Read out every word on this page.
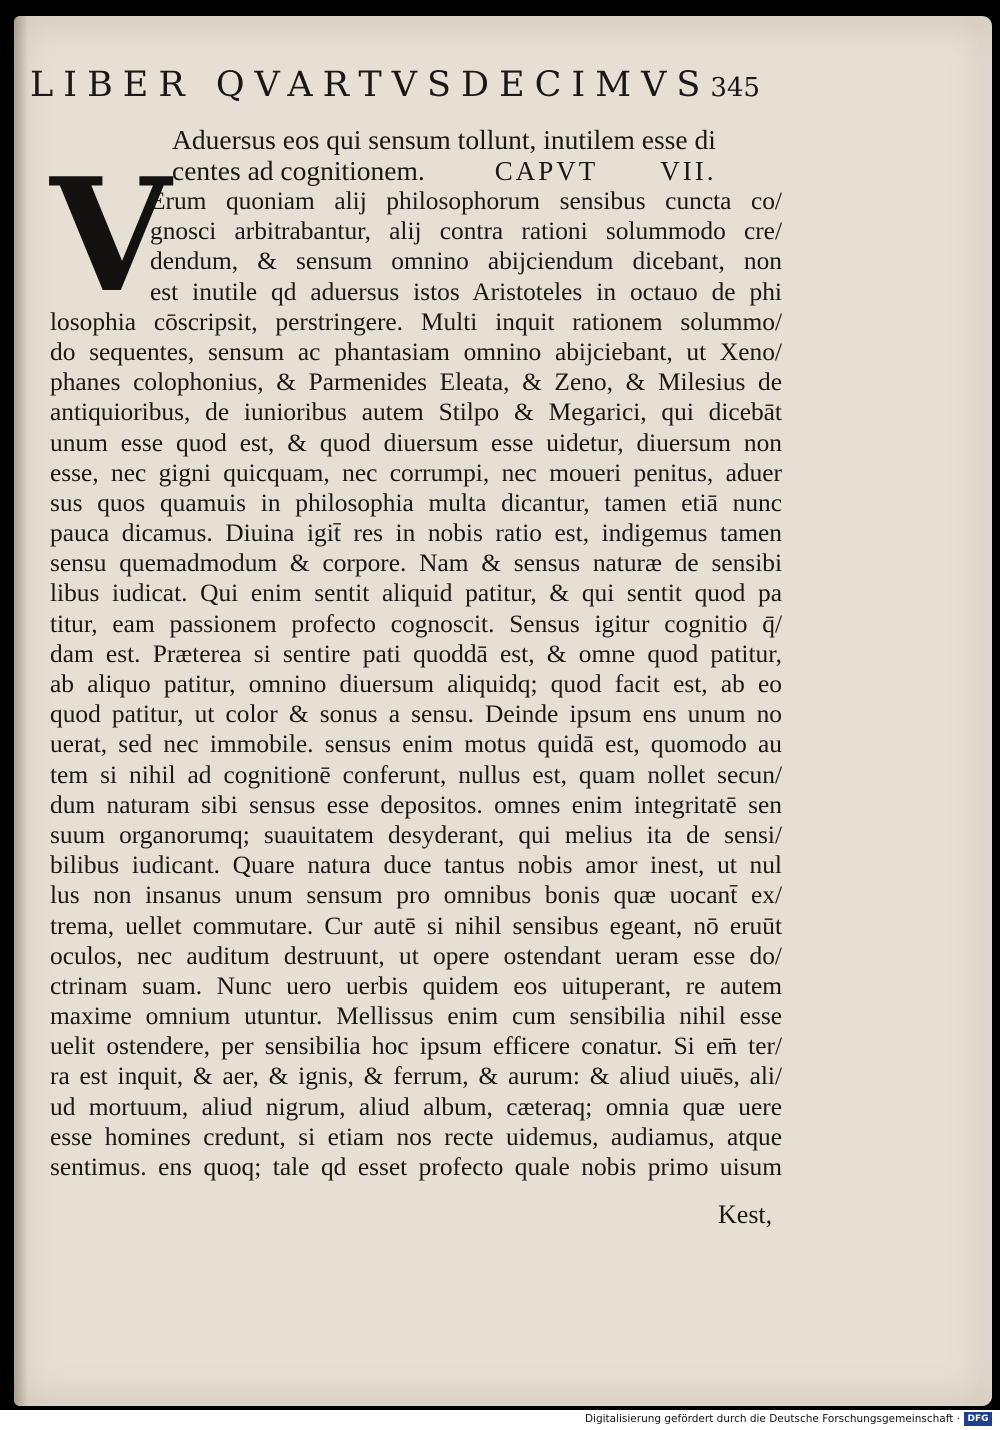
LIBER QVARTVSDECIMVS345
Aduersus eos qui sensum tollunt, inutilem esse di
centes ad cognitionem.	CAPVT VII.
V
Erum quoniam alij philosophorum sensibus cuncta co/
gnosci arbitrabantur, alij contra rationi solummodo cre/
dendum, & sensum omnino abijciendum dicebant, non
est inutile qd aduersus istos Aristoteles in octauo de phi
losophia cōscripsit, perstringere. Multi inquit rationem solummo/
do sequentes, sensum ac phantasiam omnino abijciebant, ut Xeno/
phanes colophonius, & Parmenides Eleata, & Zeno, & Milesius de
antiquioribus, de iunioribus autem Stilpo & Megarici, qui dicebāt
unum esse quod est, & quod diuersum esse uidetur, diuersum non
esse, nec gigni quicquam, nec corrumpi, nec moueri penitus, aduer
sus quos quamuis in philosophia multa dicantur, tamen etiā nunc
pauca dicamus. Diuina igit̄ res in nobis ratio est, indigemus tamen
sensu quemadmodum & corpore. Nam & sensus naturæ de sensibi
libus iudicat. Qui enim sentit aliquid patitur, & qui sentit quod pa
titur, eam passionem profecto cognoscit. Sensus igitur cognitio q̄/
dam est. Præterea si sentire pati quoddā est, & omne quod patitur,
ab aliquo patitur, omnino diuersum aliquidq; quod facit est, ab eo
quod patitur, ut color & sonus a sensu. Deinde ipsum ens unum no
uerat, sed nec immobile. sensus enim motus quidā est, quomodo au
tem si nihil ad cognitionē conferunt, nullus est, quam nollet secun/
dum naturam sibi sensus esse depositos. omnes enim integritatē sen
suum organorumq; suauitatem desyderant, qui melius ita de sensi/
bilibus iudicant. Quare natura duce tantus nobis amor inest, ut nul
lus non insanus unum sensum pro omnibus bonis quæ uocant̄ ex/
trema, uellet commutare. Cur autē si nihil sensibus egeant, nō eruūt
oculos, nec auditum destruunt, ut opere ostendant ueram esse do/
ctrinam suam. Nunc uero uerbis quidem eos uituperant, re autem
maxime omnium utuntur. Mellissus enim cum sensibilia nihil esse
uelit ostendere, per sensibilia hoc ipsum efficere conatur. Si em̄ ter/
ra est inquit, & aer, & ignis, & ferrum, & aurum: & aliud uiuēs, ali/
ud mortuum, aliud nigrum, aliud album, cæteraq; omnia quæ uere
esse homines credunt, si etiam nos recte uidemus, audiamus, atque
sentimus. ens quoq; tale qd esset profecto quale nobis primo uisum
Kest,
Digitalisierung gefördert durch die Deutsche Forschungsgemeinschaft · DFG
